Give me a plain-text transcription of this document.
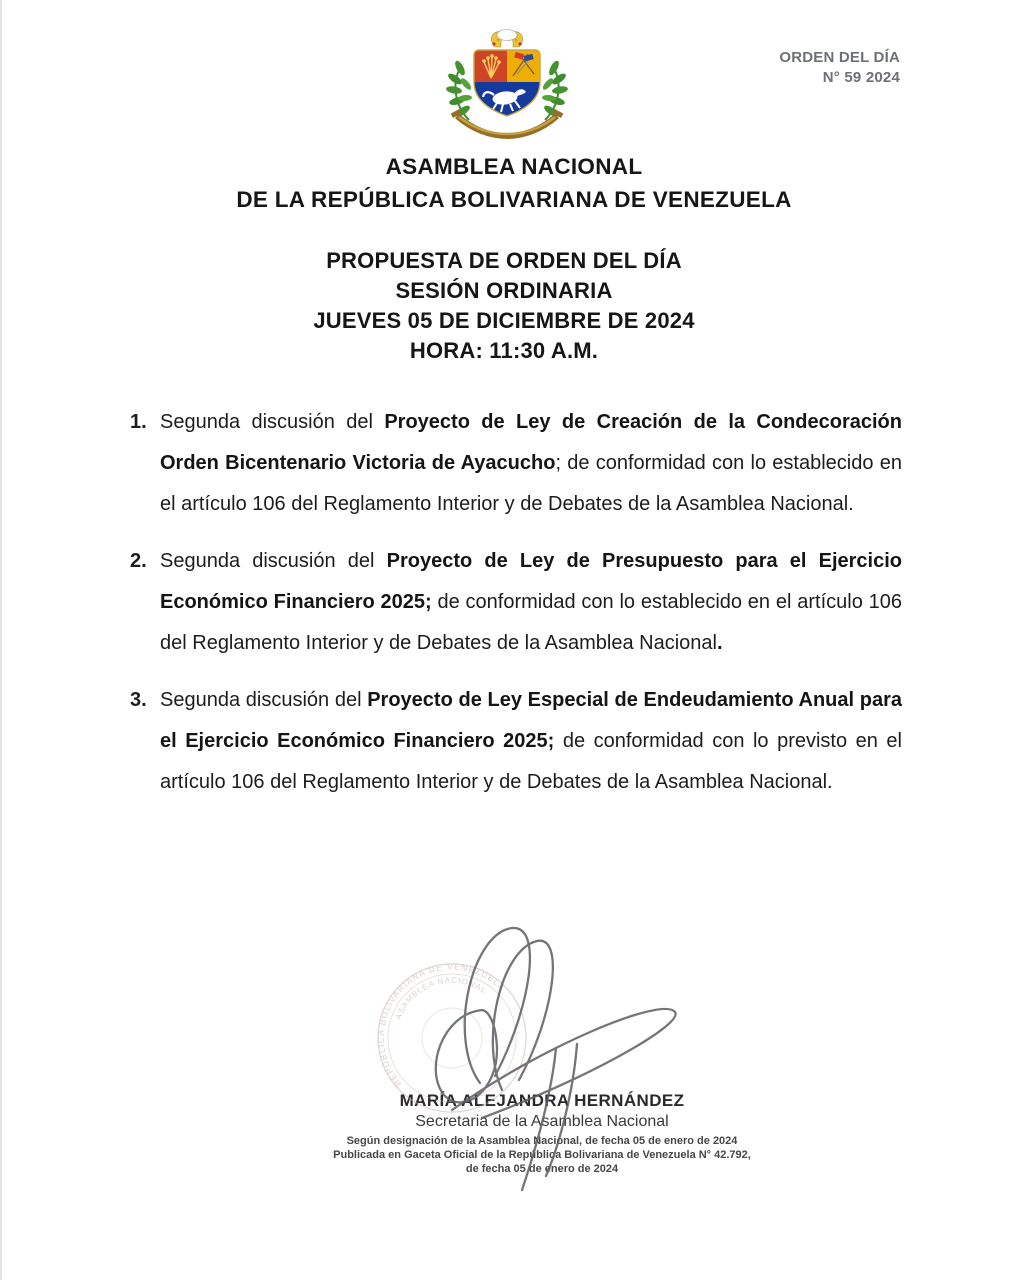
ORDEN DEL DÍA
N° 59 2024
ASAMBLEA NACIONAL
DE LA REPÚBLICA BOLIVARIANA DE VENEZUELA
PROPUESTA DE ORDEN DEL DÍA
SESIÓN ORDINARIA
JUEVES 05 DE DICIEMBRE DE 2024
HORA: 11:30 A.M.
1. Segunda discusión del Proyecto de Ley de Creación de la Condecoración Orden Bicentenario Victoria de Ayacucho; de conformidad con lo establecido en el artículo 106 del Reglamento Interior y de Debates de la Asamblea Nacional.
2. Segunda discusión del Proyecto de Ley de Presupuesto para el Ejercicio Económico Financiero 2025; de conformidad con lo establecido en el artículo 106 del Reglamento Interior y de Debates de la Asamblea Nacional.
3. Segunda discusión del Proyecto de Ley Especial de Endeudamiento Anual para el Ejercicio Económico Financiero 2025; de conformidad con lo previsto en el artículo 106 del Reglamento Interior y de Debates de la Asamblea Nacional.
MARÍA ALEJANDRA HERNÁNDEZ
Secretaria de la Asamblea Nacional
Según designación de la Asamblea Nacional, de fecha 05 de enero de 2024
Publicada en Gaceta Oficial de la República Bolivariana de Venezuela N° 42.792,
de fecha 05 de enero de 2024
REPÚBLICA BOLIVARIANA DE VENEZUELA
ASAMBLEA NACIONAL
